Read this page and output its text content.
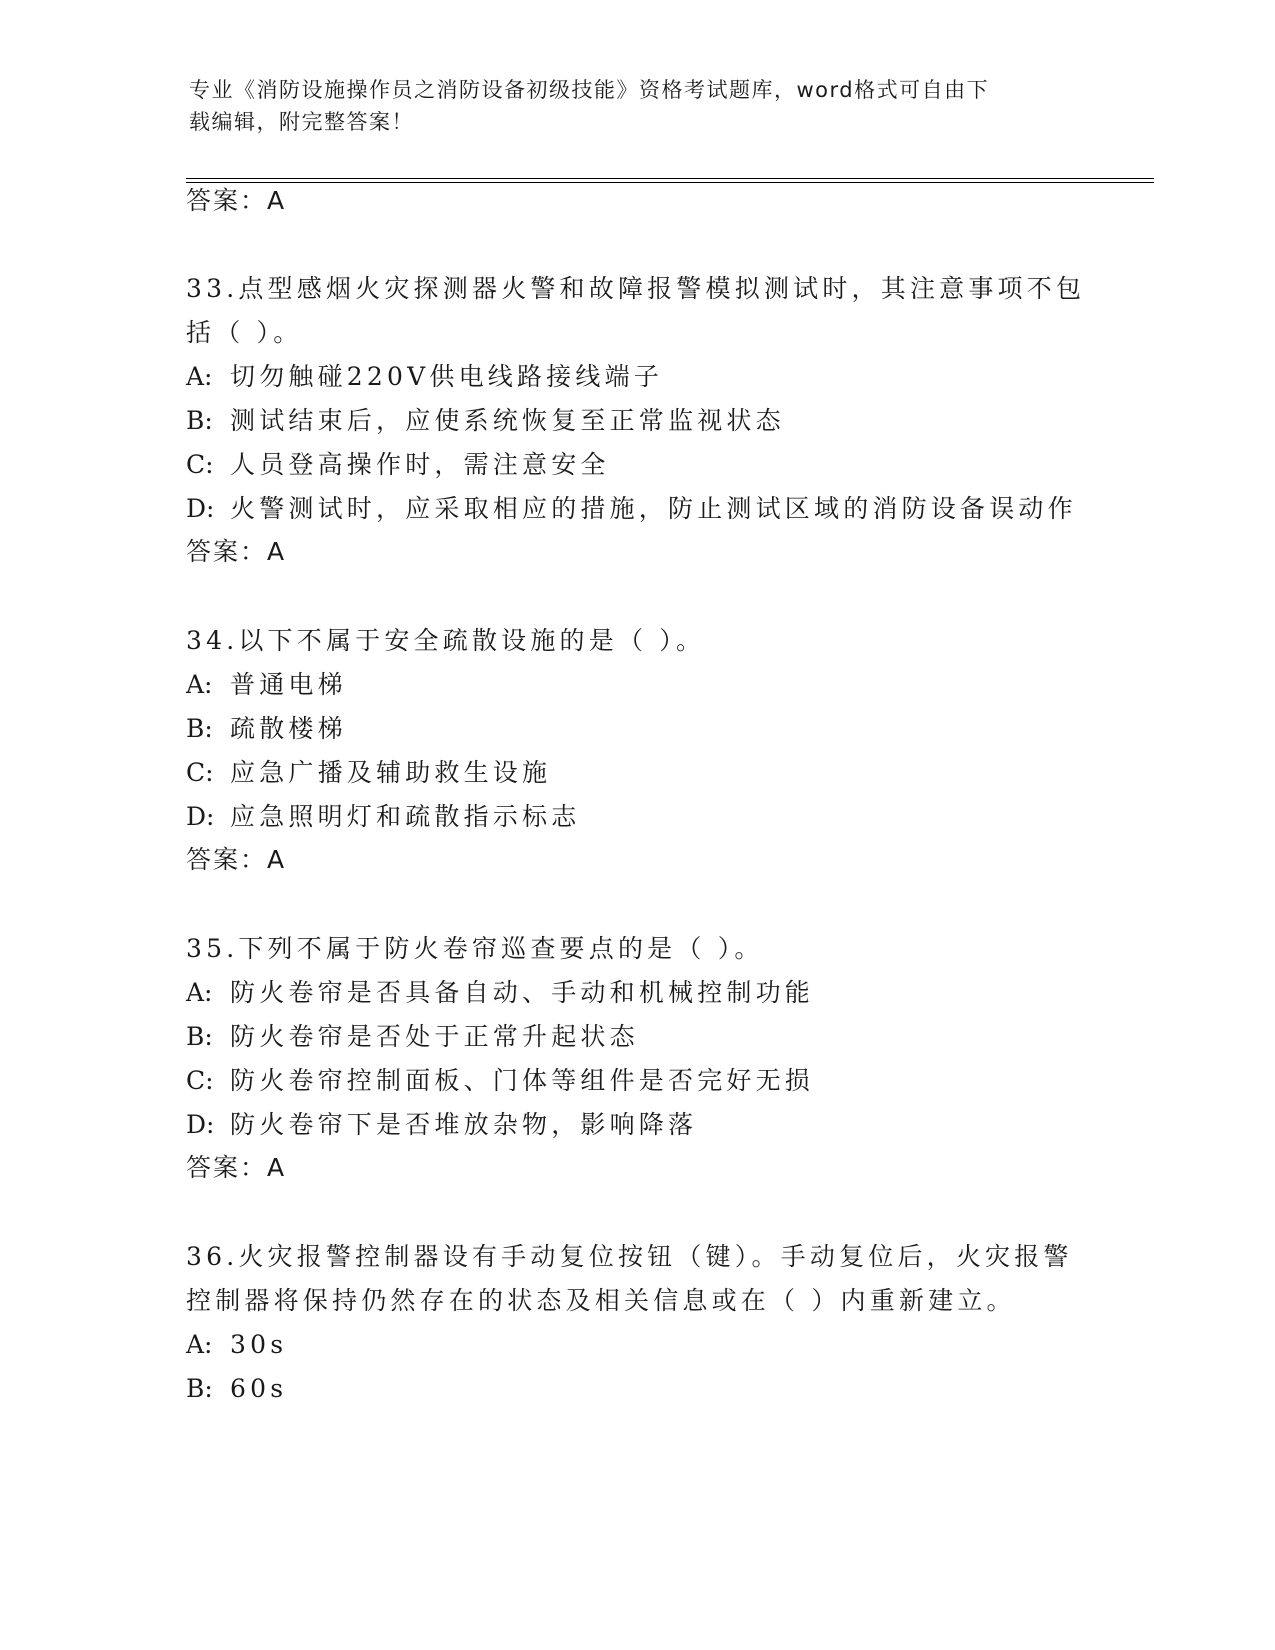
专业《消防设施操作员之消防设备初级技能》资格考试题库，word格式可自由下
载编辑，附完整答案！
答案：A
33.点型感烟火灾探测器火警和故障报警模拟测试时，其注意事项不包
括（ ）。
A: 切勿触碰220V供电线路接线端子
B: 测试结束后，应使系统恢复至正常监视状态
C: 人员登高操作时，需注意安全
D: 火警测试时，应采取相应的措施，防止测试区域的消防设备误动作
答案：A
34.以下不属于安全疏散设施的是（ ）。
A: 普通电梯
B: 疏散楼梯
C: 应急广播及辅助救生设施
D: 应急照明灯和疏散指示标志
答案：A
35.下列不属于防火卷帘巡查要点的是（ ）。
A: 防火卷帘是否具备自动、手动和机械控制功能
B: 防火卷帘是否处于正常升起状态
C: 防火卷帘控制面板、门体等组件是否完好无损
D: 防火卷帘下是否堆放杂物，影响降落
答案：A
36.火灾报警控制器设有手动复位按钮（键）。手动复位后，火灾报警
控制器将保持仍然存在的状态及相关信息或在（ ）内重新建立。
A: 30s
B: 60s
